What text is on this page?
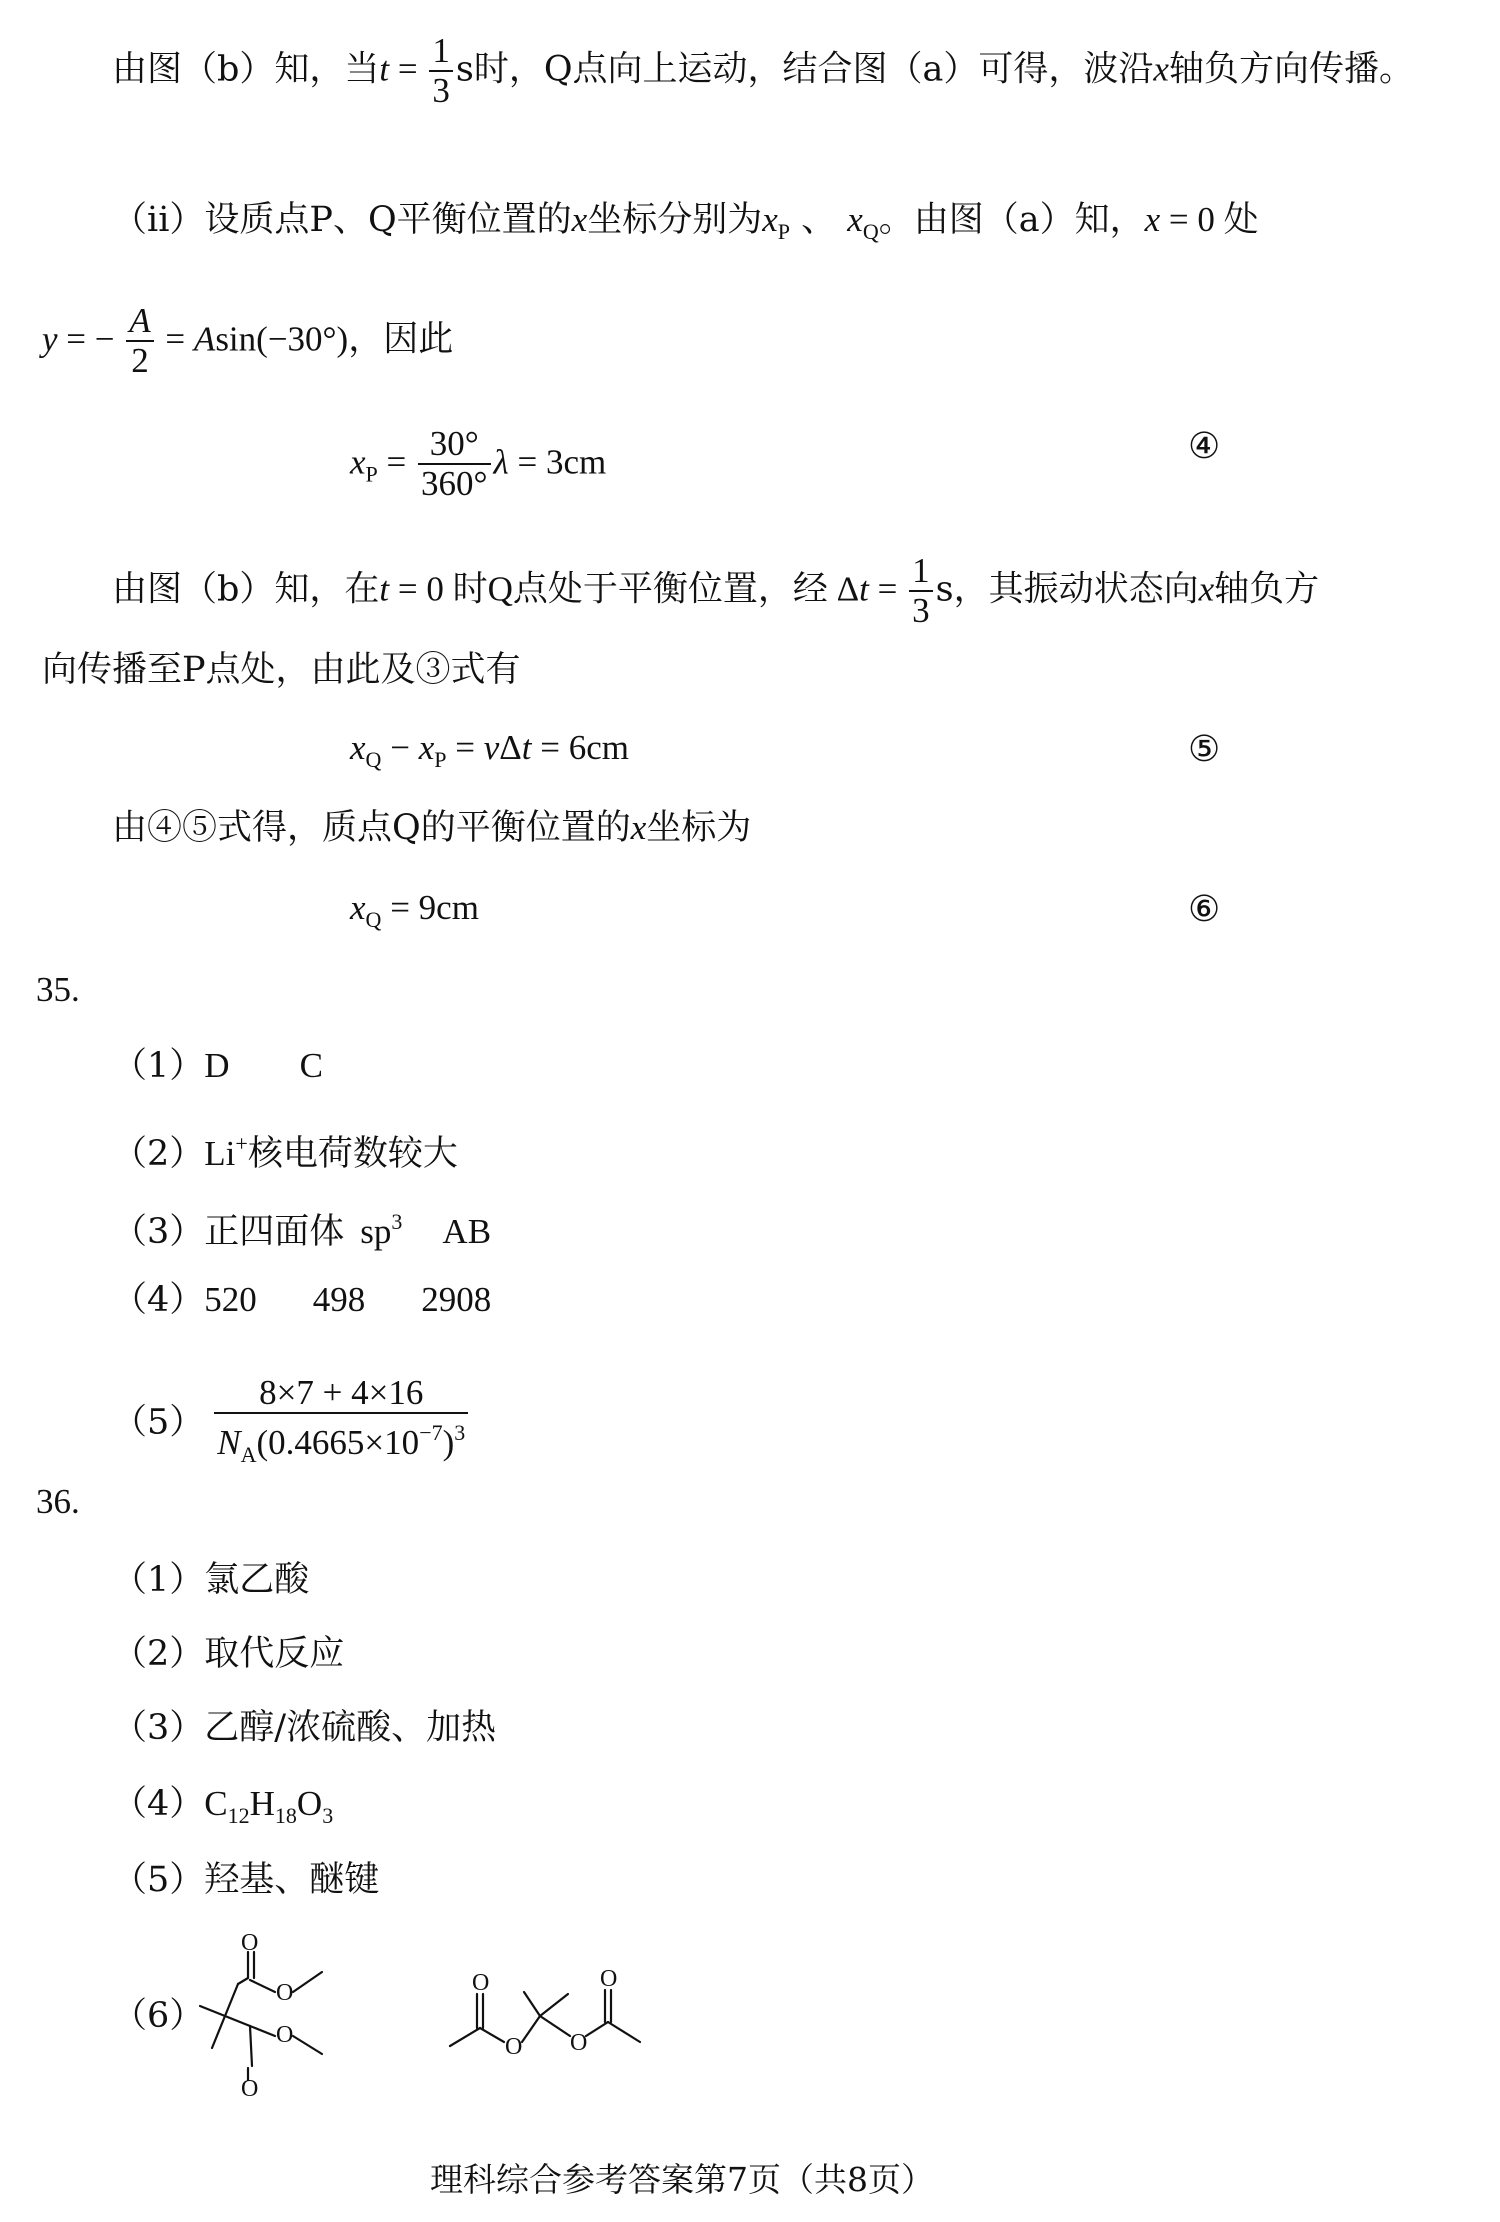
由图（b）知，当$t = \frac{1}{3}$ s时，Q点向上运动，结合图（a）可得，波沿x轴负方向传播。
（ii）设质点P、Q平衡位置的x坐标分别为$x_P$ 、 $x_Q$。由图（a）知，x = 0 处
y = − $\frac{A}{2} = Asin(-30^\circ)$，因此
$x_P = \frac{30^\circ}{360^\circ}$ λ = 3cm	④
由图（b）知，在t = 0 时Q点处于平衡位置，经 $\Delta t = \frac{1}{3}$ s，其振动状态向x轴负方
向传播至P点处，由此及③式有
$x_Q - x_P = v\Delta t = 6cm$	⑤
由④⑤式得，质点Q的平衡位置的x坐标为
$x_Q = 9cm$	⑥
35.
（1）D C
（2）Li+核电荷数较大
（3）正四面体 $sp^3$ AB
（4）520 498 2908
$(5) \frac{8\times 7 + 4\times 16}{N_A(0.4665\times 10^{-7})^3}$
36.
（1）氯乙酸
（2）取代反应
（3）乙醇/浓硫酸、加热
$(4)C_{12}H_{18}O_3$
（5）羟基、醚键
（6）
O
O
O
O
O
O O
O
理科综合参考答案第7页（共8页）
